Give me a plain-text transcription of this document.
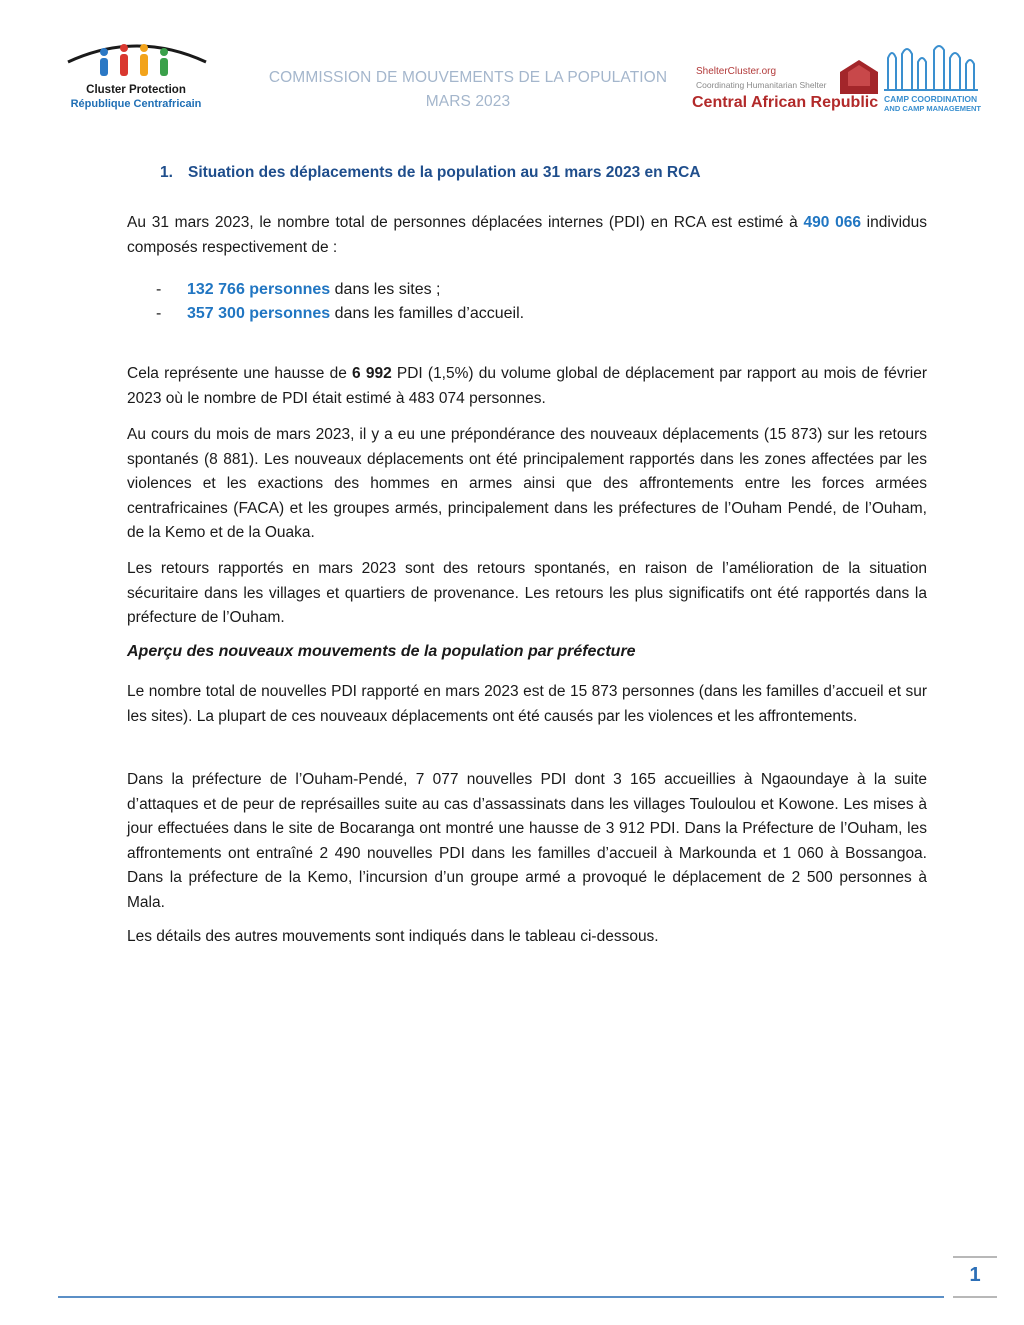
Cluster Protection
République Centrafricain
COMMISSION DE MOUVEMENTS DE LA POPULATION
MARS 2023
ShelterCluster.org
Coordinating Humanitarian Shelter
Central African Republic CAMP COORDINATION
AND CAMP MANAGEMENT
1. Situation des déplacements de la population au 31 mars 2023 en RCA

Au 31 mars 2023, le nombre total de personnes déplacées internes (PDI) en RCA est estimé à 490 066 individus composés respectivement de :

- 132 766 personnes dans les sites ;
- 357 300 personnes dans les familles d’accueil.

Cela représente une hausse de 6 992 PDI (1,5%) du volume global de déplacement par rapport au mois de février 2023 où le nombre de PDI était estimé à 483 074 personnes.

Au cours du mois de mars 2023, il y a eu une prépondérance des nouveaux déplacements (15 873) sur les retours spontanés (8 881). Les nouveaux déplacements ont été principalement rapportés dans les zones affectées par les violences et les exactions des hommes en armes ainsi que des affrontements entre les forces armées centrafricaines (FACA) et les groupes armés, principalement dans les préfectures de l’Ouham Pendé, de l’Ouham, de la Kemo et de la Ouaka.

Les retours rapportés en mars 2023 sont des retours spontanés, en raison de l’amélioration de la situation sécuritaire dans les villages et quartiers de provenance. Les retours les plus significatifs ont été rapportés dans la préfecture de l’Ouham.

Aperçu des nouveaux mouvements de la population par préfecture

Le nombre total de nouvelles PDI rapporté en mars 2023 est de 15 873 personnes (dans les familles d’accueil et sur les sites). La plupart de ces nouveaux déplacements ont été causés par les violences et les affrontements.

Dans la préfecture de l’Ouham-Pendé, 7 077 nouvelles PDI dont 3 165 accueillies à Ngaoundaye à la suite d’attaques et de peur de représailles suite au cas d’assassinats dans les villages Touloulou et Kowone. Les mises à jour effectuées dans le site de Bocaranga ont montré une hausse de 3 912 PDI. Dans la Préfecture de l’Ouham, les affrontements ont entraîné 2 490 nouvelles PDI dans les familles d’accueil à Markounda et 1 060 à Bossangoa. Dans la préfecture de la Kemo, l’incursion d’un groupe armé a provoqué le déplacement de 2 500 personnes à Mala.

Les détails des autres mouvements sont indiqués dans le tableau ci-dessous.

1
